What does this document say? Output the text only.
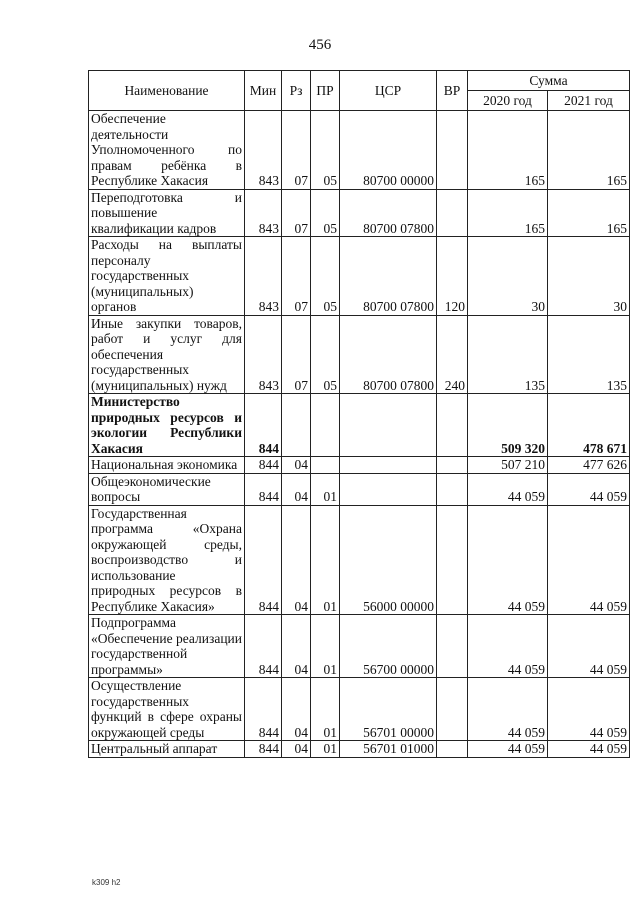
456
Наименование	Мин	Рз	ПР	ЦСР	ВР	Сумма	
						2020 год	2021 год
Обеспечение деятельности Уполномоченного по правам ребёнка в Республике Хакасия	843	07	05	80700 00000		165	165
Переподготовка и повышение квалификации кадров	843	07	05	80700 07800		165	165
Расходы на выплаты персоналу государственных (муниципальных) органов	843	07	05	80700 07800	120	30	30
Иные закупки товаров, работ и услуг для обеспечения государственных (муниципальных) нужд	843	07	05	80700 07800	240	135	135
Министерство природных ресурсов и экологии Республики Хакасия	844					509 320	478 671
Национальная экономика	844	04				507 210	477 626
Общеэкономические вопросы	844	04	01			44 059	44 059
Государственная программа «Охрана окружающей среды, воспроизводство и использование природных ресурсов в Республике Хакасия»	844	04	01	56000 00000		44 059	44 059
Подпрограмма «Обеспечение реализации государственной программы»	844	04	01	56700 00000		44 059	44 059
Осуществление государственных функций в сфере охраны окружающей среды	844	04	01	56701 00000		44 059	44 059
Центральный аппарат	844	04	01	56701 01000		44 059	44 059
k309 h2
